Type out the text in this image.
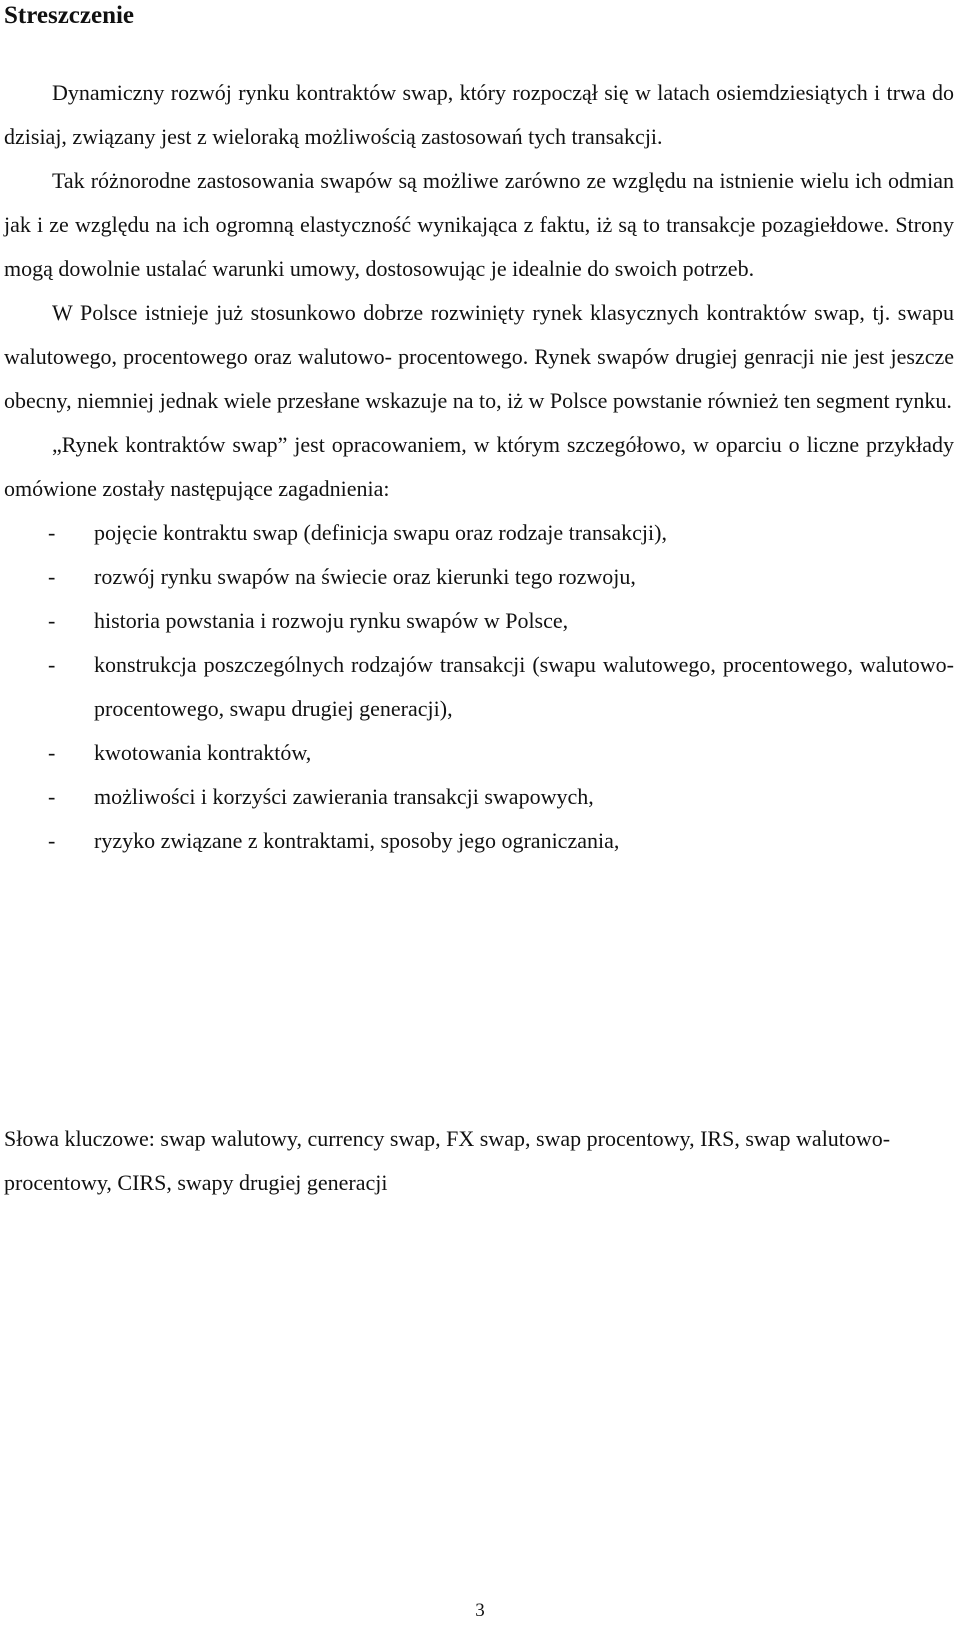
Streszczenie

Dynamiczny rozwój rynku kontraktów swap, który rozpoczął się w latach osiemdziesiątych i trwa do dzisiaj, związany jest z wieloraką możliwością zastosowań tych transakcji.

Tak różnorodne zastosowania swapów są możliwe zarówno ze względu na istnienie wielu ich odmian jak i ze względu na ich ogromną elastyczność wynikająca z faktu, iż są to transakcje pozagiełdowe. Strony mogą dowolnie ustalać warunki umowy, dostosowując je idealnie do swoich potrzeb.

W Polsce istnieje już stosunkowo dobrze rozwinięty rynek klasycznych kontraktów swap, tj. swapu walutowego, procentowego oraz walutowo- procentowego. Rynek swapów drugiej genracji nie jest jeszcze obecny, niemniej jednak wiele przesłane wskazuje na to, iż w Polsce powstanie również ten segment rynku.

„Rynek kontraktów swap” jest opracowaniem, w którym szczegółowo, w oparciu o liczne przykłady omówione zostały następujące zagadnienia:

- pojęcie kontraktu swap (definicja swapu oraz rodzaje transakcji),
- rozwój rynku swapów na świecie oraz kierunki tego rozwoju,
- historia powstania i rozwoju rynku swapów w Polsce,
- konstrukcja poszczególnych rodzajów transakcji (swapu walutowego, procentowego, walutowo- procentowego, swapu drugiej generacji),
- kwotowania kontraktów,
- możliwości i korzyści zawierania transakcji swapowych,
- ryzyko związane z kontraktami, sposoby jego ograniczania,

Słowa kluczowe: swap walutowy, currency swap, FX swap, swap procentowy, IRS, swap walutowo- procentowy, CIRS, swapy drugiej generacji

3
